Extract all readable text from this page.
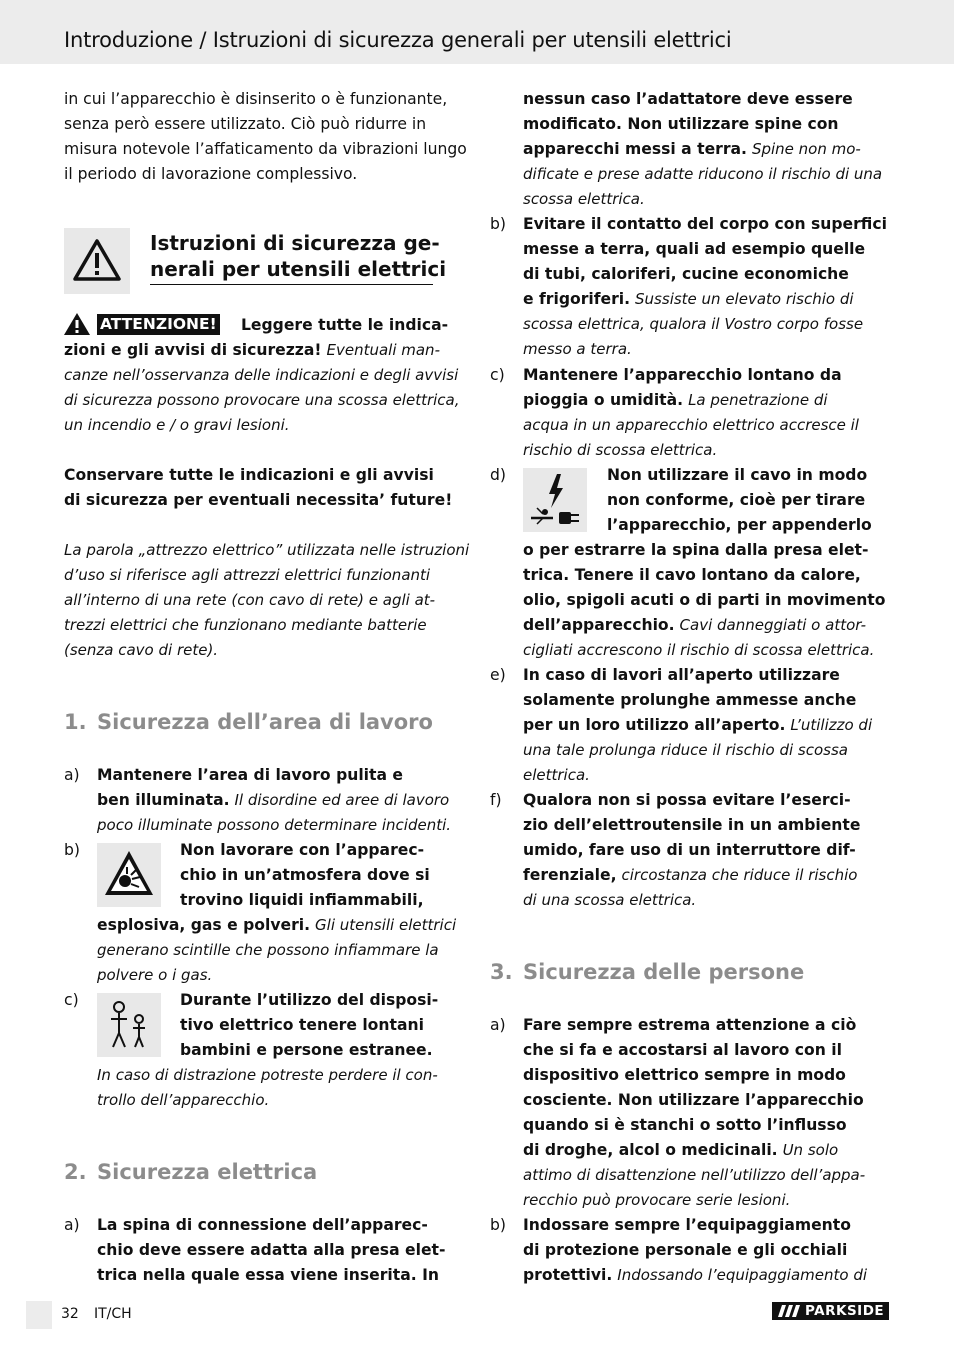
Introduzione / Istruzioni di sicurezza generali per utensili elettrici
in cui l’apparecchio è disinserito o è funzionante,
senza però essere utilizzato. Ciò può ridurre in
misura notevole l’affaticamento da vibrazioni lungo
il periodo di lavorazione complessivo.
Istruzioni di sicurezza ge-
nerali per utensili elettrici
ATTENZIONE! Leggere tutte le indica-
zioni e gli avvisi di sicurezza! Eventuali man-
canze nell’osservanza delle indicazioni e degli avvisi
di sicurezza possono provocare una scossa elettrica,
un incendio e / o gravi lesioni.
Conservare tutte le indicazioni e gli avvisi
di sicurezza per eventuali necessita’ future!
La parola „attrezzo elettrico” utilizzata nelle istruzioni
d’uso si riferisce agli attrezzi elettrici funzionanti
all’interno di una rete (con cavo di rete) e agli at-
trezzi elettrici che funzionano mediante batterie
(senza cavo di rete).
1. Sicurezza dell’area di lavoro
a) Mantenere l’area di lavoro pulita e
ben illuminata. Il disordine ed aree di lavoro
poco illuminate possono determinare incidenti.
b)	Non lavorare con l’apparec-
chio in un’atmosfera dove si
trovino liquidi infiammabili,
esplosiva, gas e polveri. Gli utensili elettrici
generano scintille che possono infiammare la
polvere o i gas.
c)	Durante l’utilizzo del disposi-
tivo elettrico tenere lontani
bambini e persone estranee.
In caso di distrazione potreste perdere il con-
trollo dell’apparecchio.
2. Sicurezza elettrica
a) La spina di connessione dell’apparec-
chio deve essere adatta alla presa elet-
trica nella quale essa viene inserita. In
nessun caso l’adattatore deve essere
modificato. Non utilizzare spine con
apparecchi messi a terra. Spine non mo-
dificate e prese adatte riducono il rischio di una
scossa elettrica.
b) Evitare il contatto del corpo con superfici
messe a terra, quali ad esempio quelle
di tubi, caloriferi, cucine economiche
e frigoriferi. Sussiste un elevato rischio di
scossa elettrica, qualora il Vostro corpo fosse
messo a terra.
c) Mantenere l’apparecchio lontano da
pioggia o umidità. La penetrazione di
acqua in un apparecchio elettrico accresce il
rischio di scossa elettrica.
d)	Non utilizzare il cavo in modo
non conforme, cioè per tirare
l’apparecchio, per appenderlo
o per estrarre la spina dalla presa elet-
trica. Tenere il cavo lontano da calore,
olio, spigoli acuti o di parti in movimento
dell’apparecchio. Cavi danneggiati o attor-
cigliati accrescono il rischio di scossa elettrica.
e) In caso di lavori all’aperto utilizzare
solamente prolunghe ammesse anche
per un loro utilizzo all’aperto. L’utilizzo di
una tale prolunga riduce il rischio di scossa
elettrica.
f) Qualora non si possa evitare l’eserci-
zio dell’elettroutensile in un ambiente
umido, fare uso di un interruttore dif-
ferenziale, circostanza che riduce il rischio
di una scossa elettrica.
3. Sicurezza delle persone
a) Fare sempre estrema attenzione a ciò
che si fa e accostarsi al lavoro con il
dispositivo elettrico sempre in modo
cosciente. Non utilizzare l’apparecchio
quando si è stanchi o sotto l’influsso
di droghe, alcol o medicinali. Un solo
attimo di disattenzione nell’utilizzo dell’appa-
recchio può provocare serie lesioni.
b) Indossare sempre l’equipaggiamento
di protezione personale e gli occhiali
protettivi. Indossando l’equipaggiamento di
32 IT/CH	PARKSIDE
